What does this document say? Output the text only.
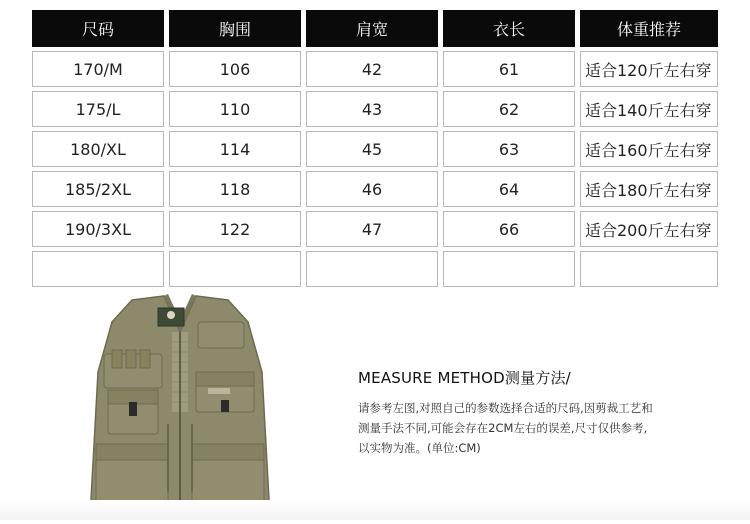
尺码	胸围	肩宽	衣长	体重推荐
170/M	106	42	61	适合120斤左右穿
175/L	110	43	62	适合140斤左右穿
180/XL	114	45	63	适合160斤左右穿
185/2XL	118	46	64	适合180斤左右穿
190/3XL	122	47	66	适合200斤左右穿
MEASURE METHOD测量方法/
请参考左图,对照自己的参数选择合适的尺码,因剪裁工艺和
测量手法不同,可能会存在2CM左右的误差,尺寸仅供参考,
以实物为准。(单位:CM)
